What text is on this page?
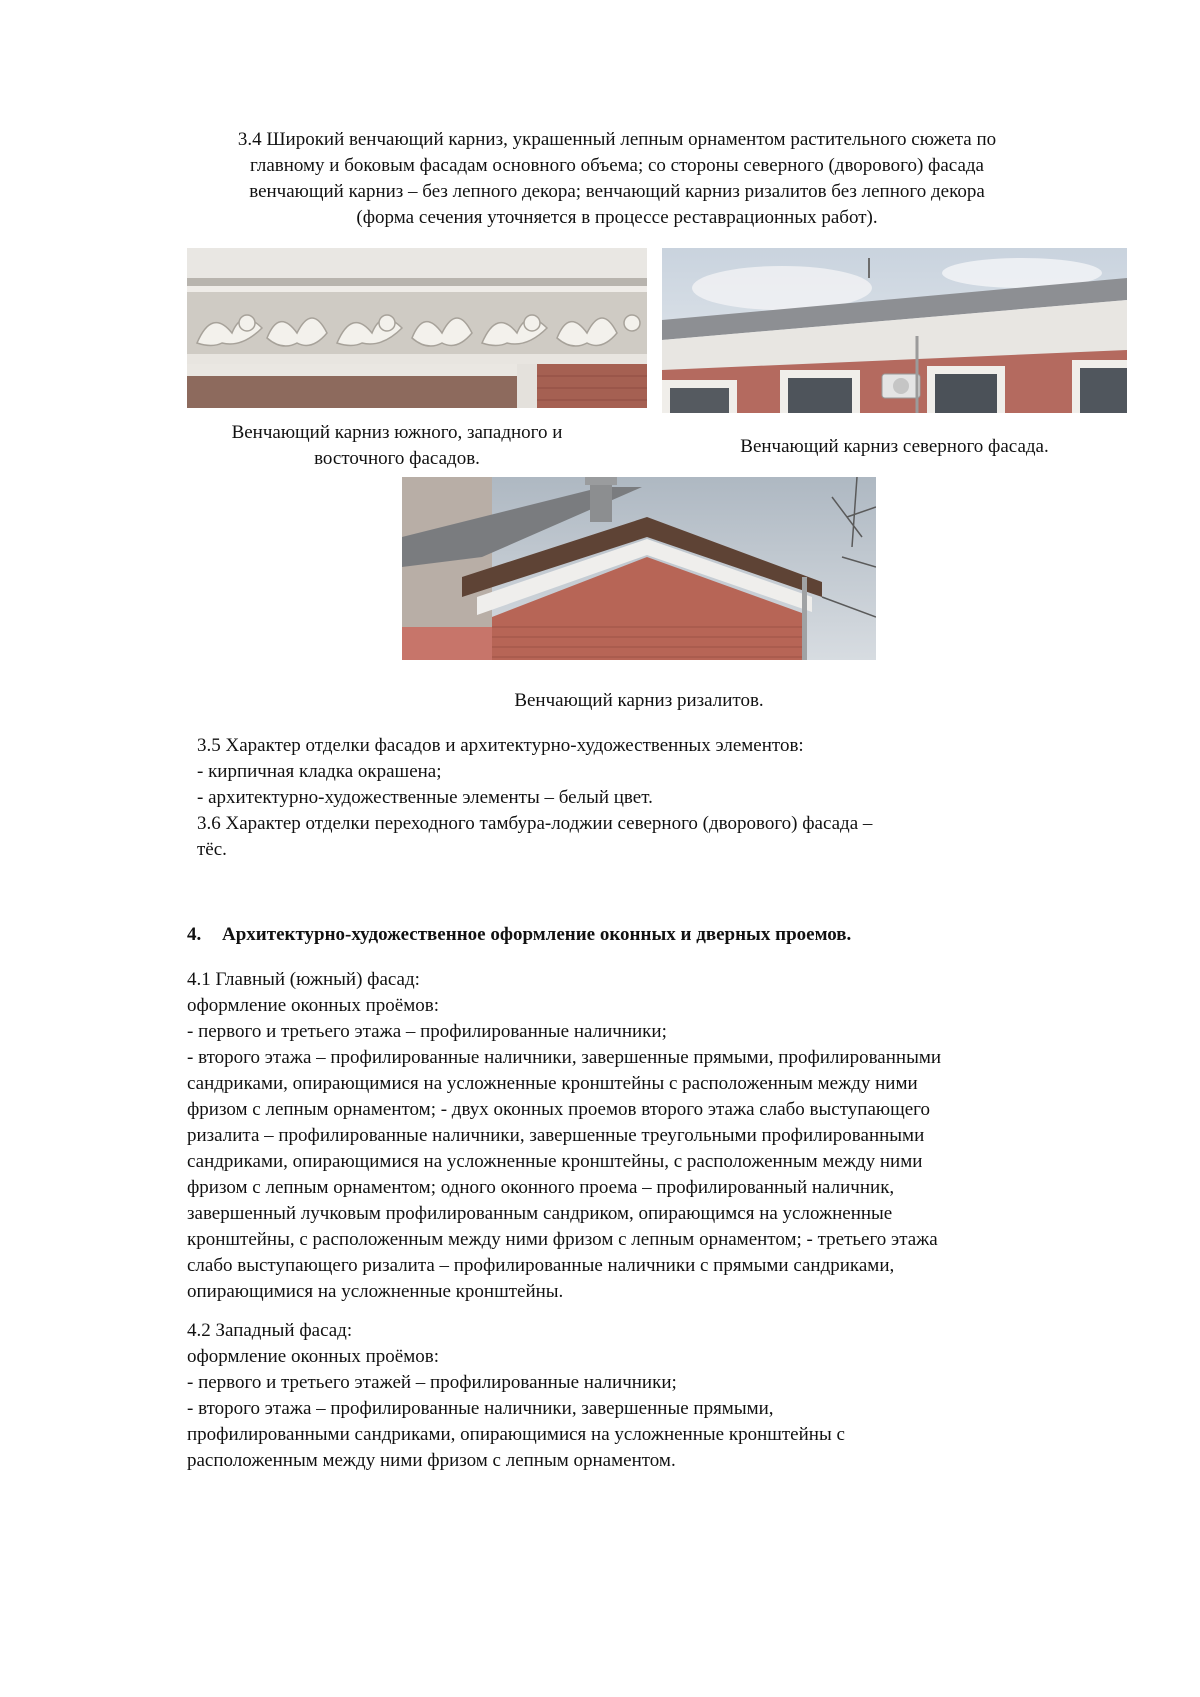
3.4 Широкий венчающий карниз, украшенный лепным орнаментом растительного сюжета по

главному и боковым фасадам основного объема; со стороны северного (дворового) фасада

венчающий карниз – без лепного декора; венчающий карниз ризалитов без лепного декора

(форма сечения уточняется в процессе реставрационных работ).

Венчающий карниз южного, западного и

восточного фасадов.

Венчающий карниз северного фасада.

Венчающий карниз ризалитов.

3.5 Характер отделки фасадов и архитектурно-художественных элементов:

- кирпичная кладка окрашена;

- архитектурно-художественные элементы – белый цвет.

3.6 Характер отделки переходного тамбура-лоджии северного (дворового) фасада –

тёс.

4. Архитектурно-художественное оформление оконных и дверных проемов.

4.1 Главный (южный) фасад:

оформление оконных проёмов:

- первого и третьего этажа – профилированные наличники;

- второго этажа – профилированные наличники, завершенные прямыми, профилированными

сандриками, опирающимися на усложненные кронштейны с расположенным между ними

фризом с лепным орнаментом; - двух оконных проемов второго этажа слабо выступающего

ризалита – профилированные наличники, завершенные треугольными профилированными

сандриками, опирающимися на усложненные кронштейны, с расположенным между ними

фризом с лепным орнаментом; одного оконного проема – профилированный наличник,

завершенный лучковым профилированным сандриком, опирающимся на усложненные

кронштейны, с расположенным между ними фризом с лепным орнаментом; - третьего этажа

слабо выступающего ризалита – профилированные наличники с прямыми сандриками,

опирающимися на усложненные кронштейны.

4.2 Западный фасад:

оформление оконных проёмов:

- первого и третьего этажей – профилированные наличники;

- второго этажа – профилированные наличники, завершенные прямыми,

профилированными сандриками, опирающимися на усложненные кронштейны с

расположенным между ними фризом с лепным орнаментом.
